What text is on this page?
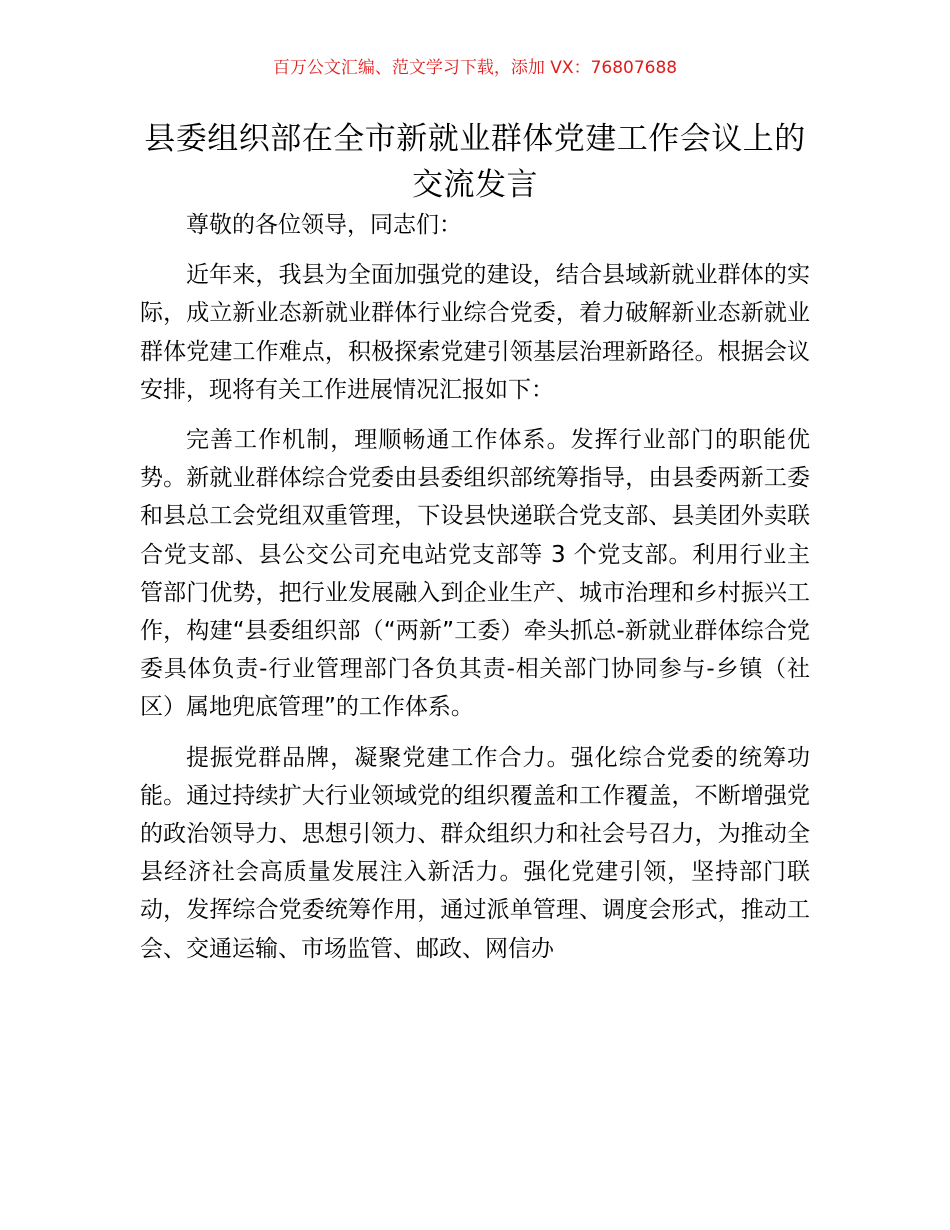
百万公文汇编、范文学习下载，添加 VX：76807688
县委组织部在全市新就业群体党建工作会议上的交流发言

尊敬的各位领导，同志们：

近年来，我县为全面加强党的建设，结合县域新就业群体的实际，成立新业态新就业群体行业综合党委，着力破解新业态新就业群体党建工作难点，积极探索党建引领基层治理新路径。根据会议安排，现将有关工作进展情况汇报如下：

完善工作机制，理顺畅通工作体系。发挥行业部门的职能优势。新就业群体综合党委由县委组织部统筹指导，由县委两新工委和县总工会党组双重管理，下设县快递联合党支部、县美团外卖联合党支部、县公交公司充电站党支部等 3 个党支部。利用行业主管部门优势，把行业发展融入到企业生产、城市治理和乡村振兴工作，构建“县委组织部（“两新”工委）牵头抓总-新就业群体综合党委具体负责-行业管理部门各负其责-相关部门协同参与-乡镇（社区）属地兜底管理”的工作体系。

提振党群品牌，凝聚党建工作合力。强化综合党委的统筹功能。通过持续扩大行业领域党的组织覆盖和工作覆盖，不断增强党的政治领导力、思想引领力、群众组织力和社会号召力，为推动全县经济社会高质量发展注入新活力。强化党建引领，坚持部门联动，发挥综合党委统筹作用，通过派单管理、调度会形式，推动工会、交通运输、市场监管、邮政、网信办
